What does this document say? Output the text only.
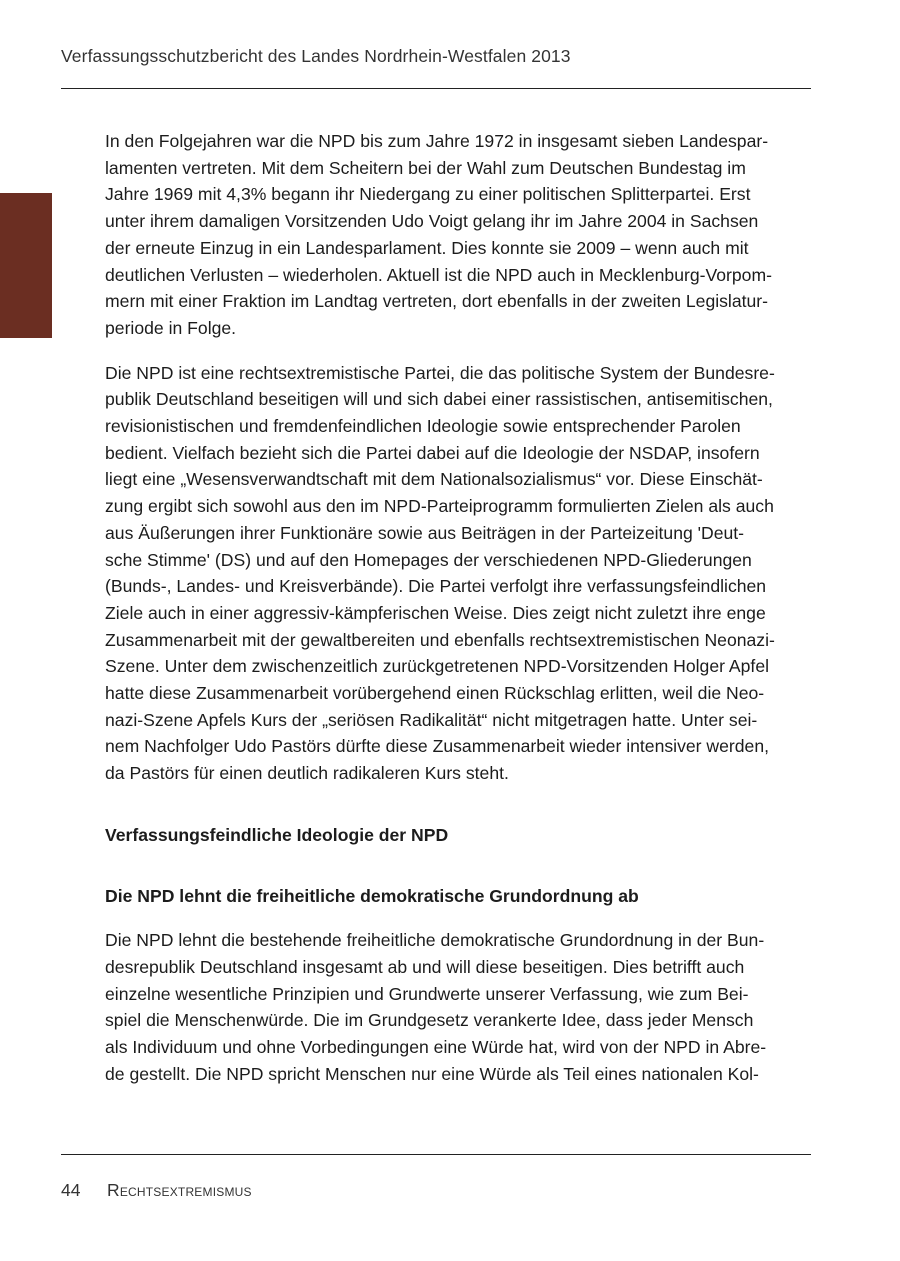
Verfassungsschutzbericht des Landes Nordrhein-Westfalen 2013

In den Folgejahren war die NPD bis zum Jahre 1972 in insgesamt sieben Landespar-
lamenten vertreten. Mit dem Scheitern bei der Wahl zum Deutschen Bundestag im
Jahre 1969 mit 4,3% begann ihr Niedergang zu einer politischen Splitterpartei. Erst
unter ihrem damaligen Vorsitzenden Udo Voigt gelang ihr im Jahre 2004 in Sachsen
der erneute Einzug in ein Landesparlament. Dies konnte sie 2009 – wenn auch mit
deutlichen Verlusten – wiederholen. Aktuell ist die NPD auch in Mecklenburg-Vorpom-
mern mit einer Fraktion im Landtag vertreten, dort ebenfalls in der zweiten Legislatur-
periode in Folge.

Die NPD ist eine rechtsextremistische Partei, die das politische System der Bundesre-
publik Deutschland beseitigen will und sich dabei einer rassistischen, antisemitischen,
revisionistischen und fremdenfeindlichen Ideologie sowie entsprechender Parolen
bedient. Vielfach bezieht sich die Partei dabei auf die Ideologie der NSDAP, insofern
liegt eine „Wesensverwandtschaft mit dem Nationalsozialismus“ vor. Diese Einschät-
zung ergibt sich sowohl aus den im NPD-Parteiprogramm formulierten Zielen als auch
aus Äußerungen ihrer Funktionäre sowie aus Beiträgen in der Parteizeitung 'Deut-
sche Stimme' (DS) und auf den Homepages der verschiedenen NPD-Gliederungen
(Bunds-, Landes- und Kreisverbände). Die Partei verfolgt ihre verfassungsfeindlichen
Ziele auch in einer aggressiv-kämpferischen Weise. Dies zeigt nicht zuletzt ihre enge
Zusammenarbeit mit der gewaltbereiten und ebenfalls rechtsextremistischen Neonazi-
Szene. Unter dem zwischenzeitlich zurückgetretenen NPD-Vorsitzenden Holger Apfel
hatte diese Zusammenarbeit vorübergehend einen Rückschlag erlitten, weil die Neo-
nazi-Szene Apfels Kurs der „seriösen Radikalität“ nicht mitgetragen hatte. Unter sei-
nem Nachfolger Udo Pastörs dürfte diese Zusammenarbeit wieder intensiver werden,
da Pastörs für einen deutlich radikaleren Kurs steht.

Verfassungsfeindliche Ideologie der NPD
Die NPD lehnt die freiheitliche demokratische Grundordnung ab

Die NPD lehnt die bestehende freiheitliche demokratische Grundordnung in der Bun-
desrepublik Deutschland insgesamt ab und will diese beseitigen. Dies betrifft auch
einzelne wesentliche Prinzipien und Grundwerte unserer Verfassung, wie zum Bei-
spiel die Menschenwürde. Die im Grundgesetz verankerte Idee, dass jeder Mensch
als Individuum und ohne Vorbedingungen eine Würde hat, wird von der NPD in Abre-
de gestellt. Die NPD spricht Menschen nur eine Würde als Teil eines nationalen Kol-

44 Rechtsextremismus
